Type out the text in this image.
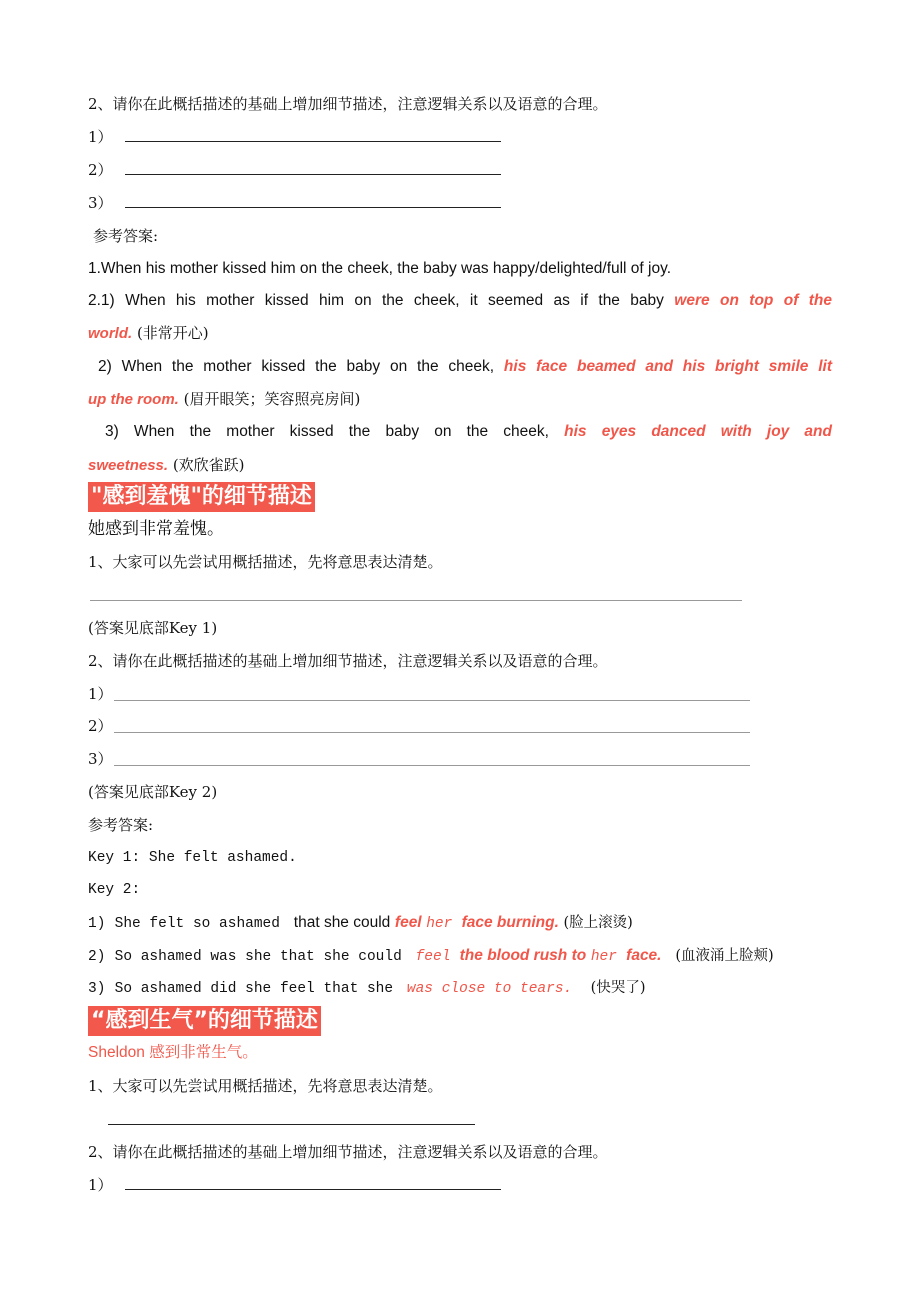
2、请你在此概括描述的基础上增加细节描述，注意逻辑关系以及语意的合理。
1）
2）
3）
参考答案:
1.When his mother kissed him on the cheek, the baby was happy/delighted/full of joy.
2.1) When his mother kissed him on the cheek, it seemed as if the baby were on top of the
world. (非常开心)
2) When the mother kissed the baby on the cheek, his face beamed and his bright smile lit
up the room. (眉开眼笑；笑容照亮房间)
3) When the mother kissed the baby on the cheek, his eyes danced with joy and
sweetness. (欢欣雀跃)
"感到羞愧"的细节描述
她感到非常羞愧。
1、大家可以先尝试用概括描述，先将意思表达清楚。
(答案见底部Key 1)
2、请你在此概括描述的基础上增加细节描述，注意逻辑关系以及语意的合理。
1）
2）
3）
(答案见底部Key 2)
参考答案:
Key 1: She felt ashamed.
Key 2:
1) She felt so ashamed that she could feel her face burning. (脸上滚烫)
2) So ashamed was she that she could feel the blood rush to her face. (血液涌上脸颊)
3) So ashamed did she feel that she was close to tears. (快哭了)
“感到生气”的细节描述
Sheldon 感到非常生气。
1、大家可以先尝试用概括描述，先将意思表达清楚。
2、请你在此概括描述的基础上增加细节描述，注意逻辑关系以及语意的合理。
1）
